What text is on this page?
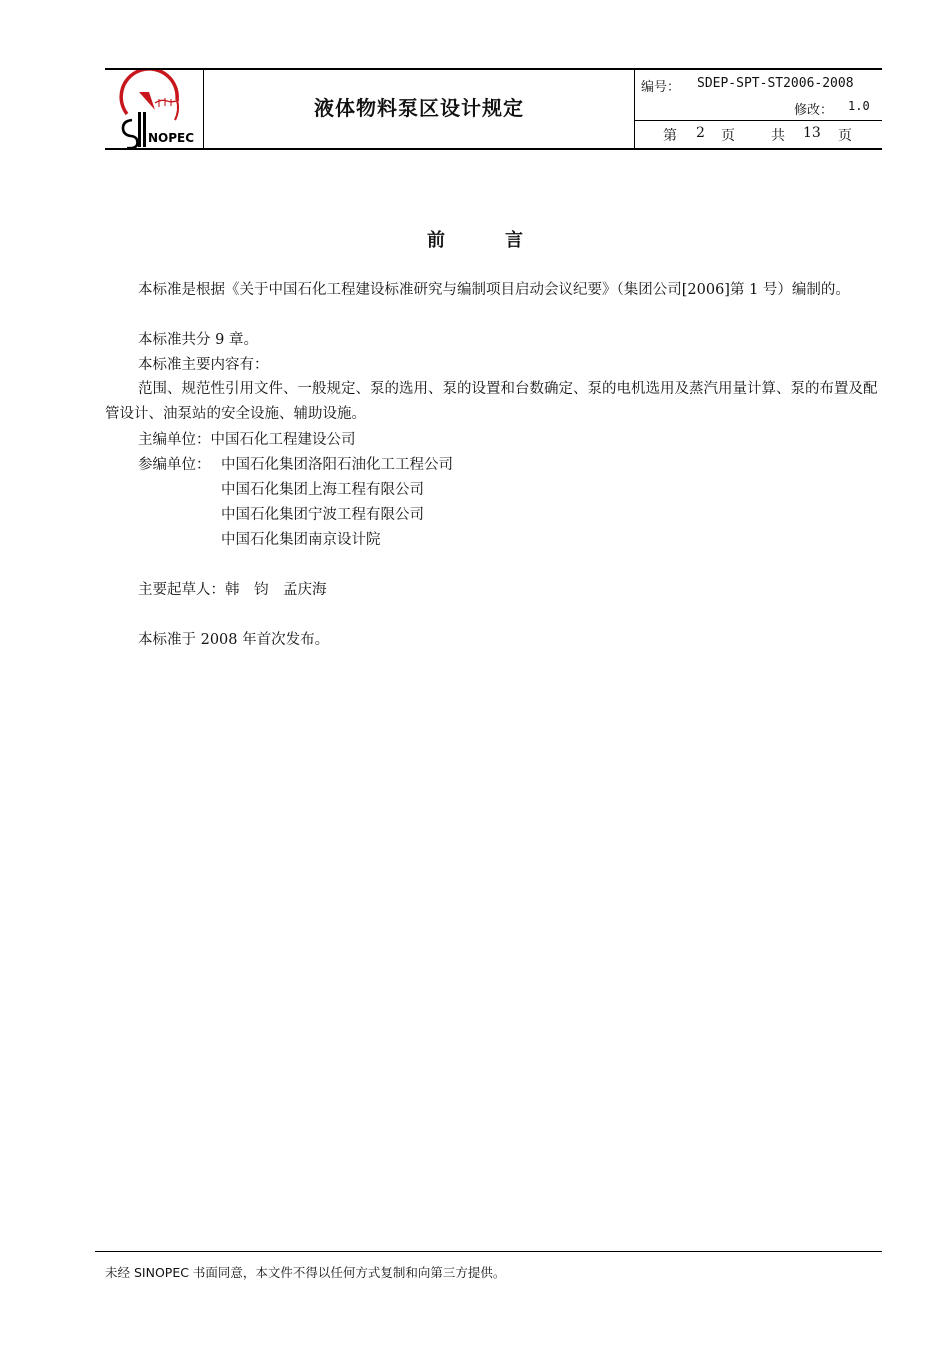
NOPEC
液体物料泵区设计规定
编号： SDEP-SPT-ST2006-2008
修改： 1.0
第 2 页	共 13 页
前	言
本标准是根据《关于中国石化工程建设标准研究与编制项目启动会议纪要》（集团公司[2006]第 1 号）编制的。
本标准共分 9 章。
本标准主要内容有：
范围、规范性引用文件、一般规定、泵的选用、泵的设置和台数确定、泵的电机选用及蒸汽用量计算、泵的布置及配管设计、油泵站的安全设施、辅助设施。
主编单位：中国石化工程建设公司
参编单位： 中国石化集团洛阳石油化工工程公司
中国石化集团上海工程有限公司
中国石化集团宁波工程有限公司
中国石化集团南京设计院
主要起草人：韩　钧　孟庆海
本标准于 2008 年首次发布。
未经 SINOPEC 书面同意，本文件不得以任何方式复制和向第三方提供。
